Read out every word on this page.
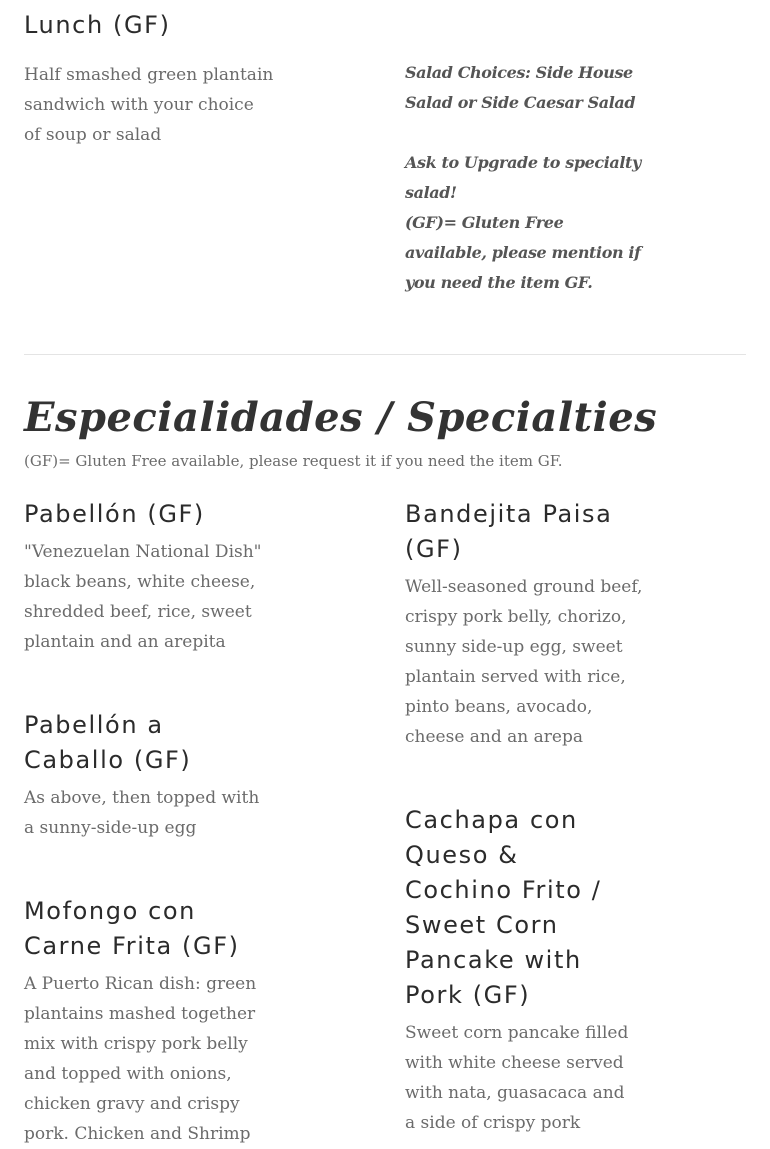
Lunch (GF)

Half smashed green plantain sandwich with your choice of soup or salad

Salad Choices: Side House Salad or Side Caesar Salad

Ask to Upgrade to specialty salad!

(GF)= Gluten Free available, please mention if you need the item GF.

Especialidades / Specialties

(GF)= Gluten Free available, please request it if you need the item GF.

Pabellón (GF)

"Venezuelan National Dish" black beans, white cheese, shredded beef, rice, sweet plantain and an arepita

Pabellón a Caballo (GF)

As above, then topped with a sunny-side-up egg

Mofongo con Carne Frita (GF)

A Puerto Rican dish: green plantains mashed together mix with crispy pork belly and topped with onions, chicken gravy and crispy pork. Chicken and Shrimp

Bandejita Paisa (GF)

Well-seasoned ground beef, crispy pork belly, chorizo, sunny side-up egg, sweet plantain served with rice, pinto beans, avocado, cheese and an arepa

Cachapa con Queso & Cochino Frito / Sweet Corn Pancake with Pork (GF)

Sweet corn pancake filled with white cheese served with nata, guasacaca and a side of crispy pork
